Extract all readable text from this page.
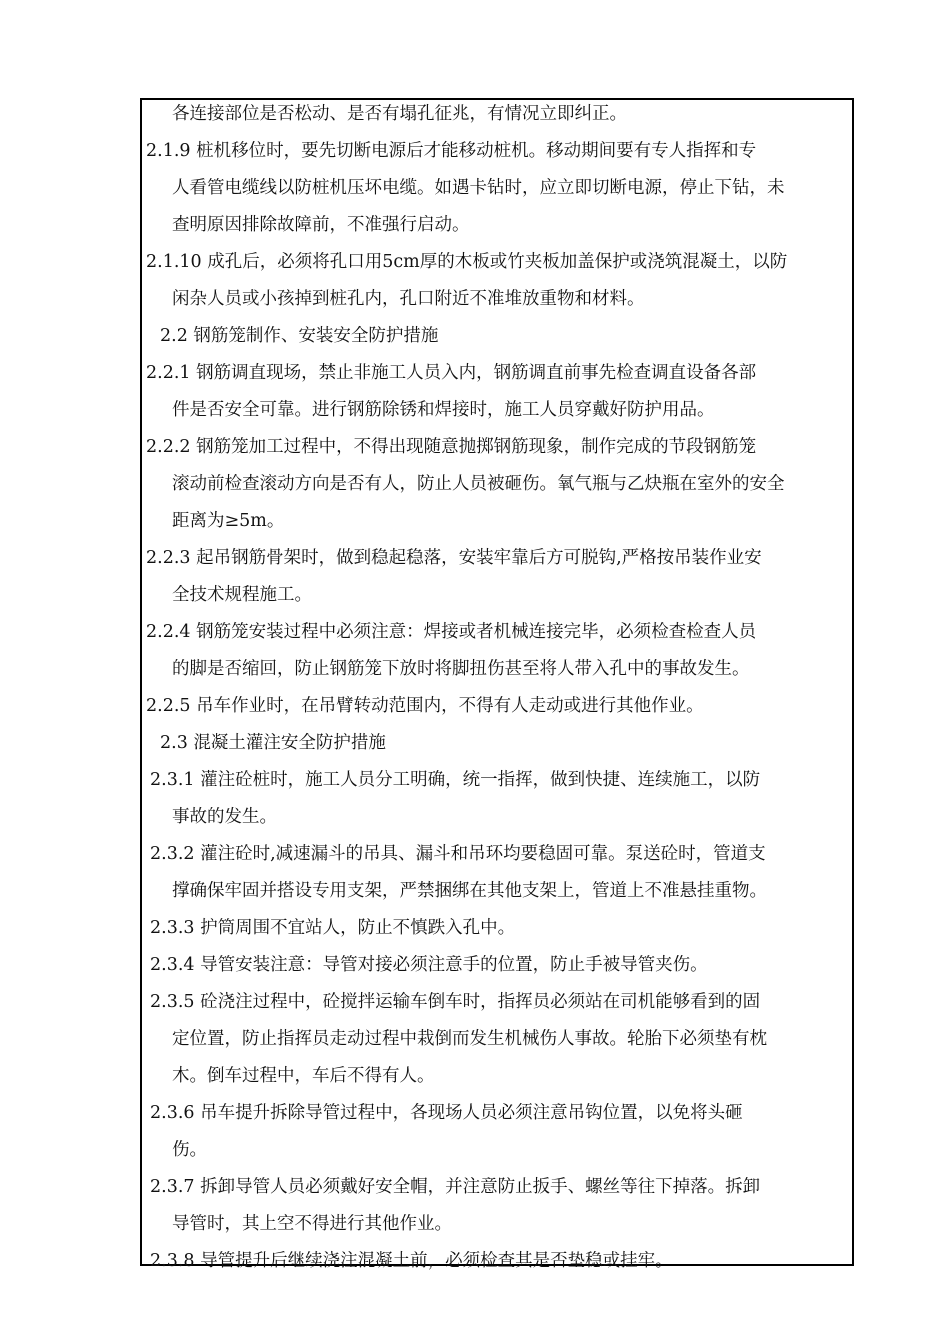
各连接部位是否松动、是否有塌孔征兆，有情况立即纠正。
2.1.9 桩机移位时，要先切断电源后才能移动桩机。移动期间要有专人指挥和专
人看管电缆线以防桩机压坏电缆。如遇卡钻时，应立即切断电源，停止下钻，未
查明原因排除故障前，不准强行启动。
2.1.10 成孔后，必须将孔口用5cm厚的木板或竹夹板加盖保护或浇筑混凝土，以防
闲杂人员或小孩掉到桩孔内，孔口附近不准堆放重物和材料。
2.2 钢筋笼制作、安装安全防护措施
2.2.1 钢筋调直现场，禁止非施工人员入内，钢筋调直前事先检查调直设备各部
件是否安全可靠。进行钢筋除锈和焊接时，施工人员穿戴好防护用品。
2.2.2 钢筋笼加工过程中，不得出现随意抛掷钢筋现象，制作完成的节段钢筋笼
滚动前检查滚动方向是否有人，防止人员被砸伤。氧气瓶与乙炔瓶在室外的安全
距离为≥5m。
2.2.3 起吊钢筋骨架时，做到稳起稳落，安装牢靠后方可脱钩,严格按吊装作业安
全技术规程施工。
2.2.4 钢筋笼安装过程中必须注意：焊接或者机械连接完毕，必须检查检查人员
的脚是否缩回，防止钢筋笼下放时将脚扭伤甚至将人带入孔中的事故发生。
2.2.5 吊车作业时，在吊臂转动范围内，不得有人走动或进行其他作业。
2.3 混凝土灌注安全防护措施
2.3.1 灌注砼桩时，施工人员分工明确，统一指挥，做到快捷、连续施工，以防
事故的发生。
2.3.2 灌注砼时,减速漏斗的吊具、漏斗和吊环均要稳固可靠。泵送砼时，管道支
撑确保牢固并搭设专用支架，严禁捆绑在其他支架上，管道上不准悬挂重物。
2.3.3 护筒周围不宜站人，防止不慎跌入孔中。
2.3.4 导管安装注意：导管对接必须注意手的位置，防止手被导管夹伤。
2.3.5 砼浇注过程中，砼搅拌运输车倒车时，指挥员必须站在司机能够看到的固
定位置，防止指挥员走动过程中栽倒而发生机械伤人事故。轮胎下必须垫有枕
木。倒车过程中，车后不得有人。
2.3.6 吊车提升拆除导管过程中，各现场人员必须注意吊钩位置，以免将头砸
伤。
2.3.7 拆卸导管人员必须戴好安全帽，并注意防止扳手、螺丝等往下掉落。拆卸
导管时，其上空不得进行其他作业。
2.3.8 导管提升后继续浇注混凝土前，必须检查其是否垫稳或挂牢。
